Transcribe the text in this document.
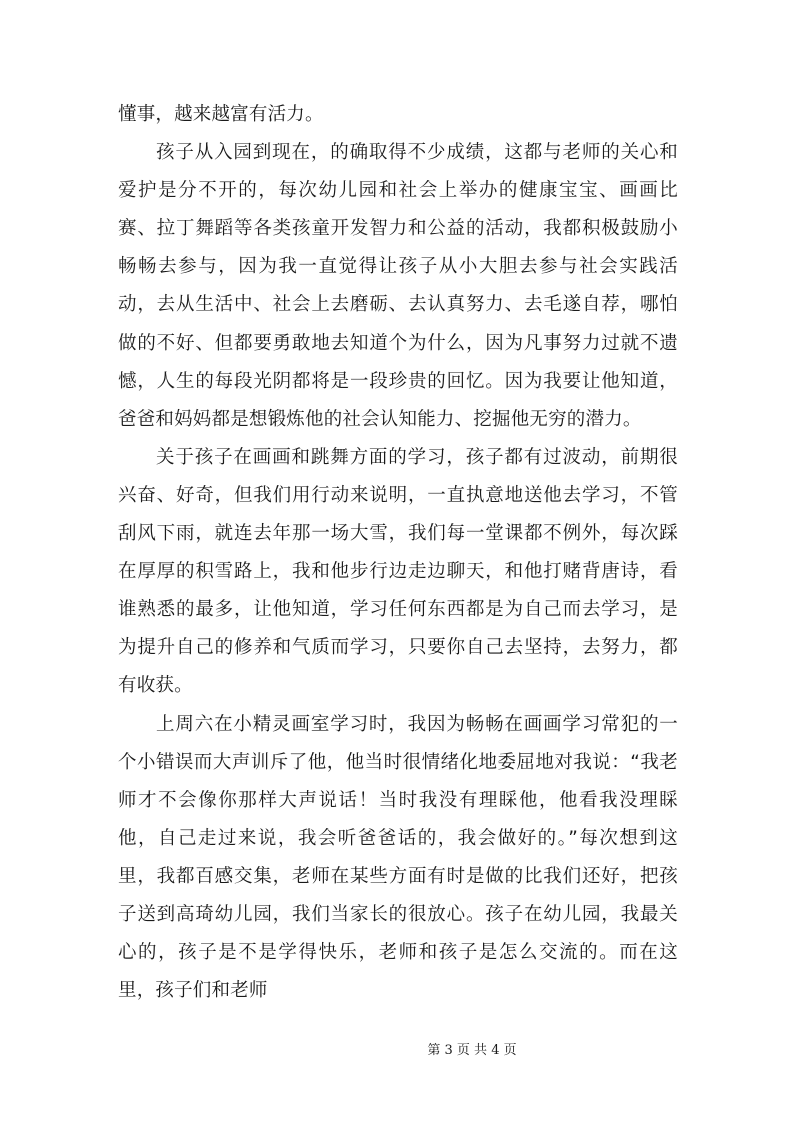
懂事，越来越富有活力。

孩子从入园到现在，的确取得不少成绩，这都与老师的关心和爱护是分不开的，每次幼儿园和社会上举办的健康宝宝、画画比赛、拉丁舞蹈等各类孩童开发智力和公益的活动，我都积极鼓励小畅畅去参与，因为我一直觉得让孩子从小大胆去参与社会实践活动，去从生活中、社会上去磨砺、去认真努力、去毛遂自荐，哪怕做的不好、但都要勇敢地去知道个为什么，因为凡事努力过就不遗憾，人生的每段光阴都将是一段珍贵的回忆。因为我要让他知道，爸爸和妈妈都是想锻炼他的社会认知能力、挖掘他无穷的潜力。

关于孩子在画画和跳舞方面的学习，孩子都有过波动，前期很兴奋、好奇，但我们用行动来说明，一直执意地送他去学习，不管刮风下雨，就连去年那一场大雪，我们每一堂课都不例外，每次踩在厚厚的积雪路上，我和他步行边走边聊天，和他打赌背唐诗，看谁熟悉的最多，让他知道，学习任何东西都是为自己而去学习，是为提升自己的修养和气质而学习，只要你自己去坚持，去努力，都有收获。

上周六在小精灵画室学习时，我因为畅畅在画画学习常犯的一个小错误而大声训斥了他，他当时很情绪化地委屈地对我说：“我老师才不会像你那样大声说话！当时我没有理睬他，他看我没理睬他，自己走过来说，我会听爸爸话的，我会做好的。”每次想到这里，我都百感交集，老师在某些方面有时是做的比我们还好，把孩子送到高琦幼儿园，我们当家长的很放心。孩子在幼儿园，我最关心的，孩子是不是学得快乐，老师和孩子是怎么交流的。而在这里，孩子们和老师

第 3 页 共 4 页
